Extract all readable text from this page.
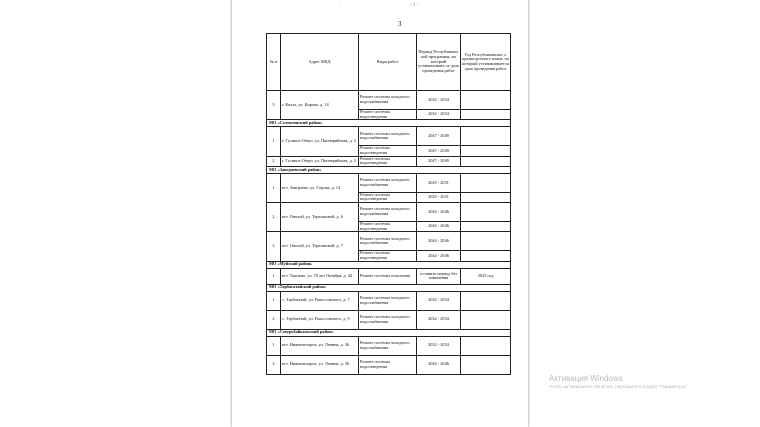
'	- 1 -
3
№ п	Адрес МКД	Виды работ	Период Республиканс кой программы, на который устанавливает ся срок проведения работ	Год Республиканског о краткосрочного плана, на который устанавливается срок проведения работ
3	г. Кяхта, ул. Кирова, д. 14	Ремонт системы холодного водоснабжения	2032 - 2034	
		Ремонт системы водоотведения	2032 - 2034	
МО «Селенгинский район»				
1	г. Гусиное Озеро, ул. Пионерийская, д. 2	Ремонт системы холодного водоснабжения	2047 - 2049	
		Ремонт системы водоотведения	2047 - 2049	
2	г. Гусиное Озеро, ул. Пионерийская, д. 3	Ремонт системы водоотведения	2047 - 2049	
МО «Заиграевский район»				
1	пгт. Заиграево, ул. Серова, д. 14	Ремонт системы холодного водоснабжения	2029 - 2031	
		Ремонт системы водоотведения	2029 - 2031	
2	пгт. Онохой, ул. Терешковой, д. 6	Ремонт системы холодного водоснабжения	2044 - 2046	
		Ремонт системы водоотведения	2044 - 2046	
3	пгт. Онохой, ул. Терешковой, д. 7	Ремонт системы холодного водоснабжения	2044 - 2046	
		Ремонт системы водоотведения	2044 - 2046	
МО «Муйский район»				
1	пгт. Таксимо, ул. 70 лет Октября, д. 44	Ремонт системы отопления	оставить период без изменения	2025 год
МО «Тарбагатайский район»				
1	с. Тарбагатай, ул. Рокоссовского, д. 7	Ремонт системы холодного водоснабжения	2032 - 2034	
2	с. Тарбагатай, ул. Рокоссовского, д. 9	Ремонт системы холодного водоснабжения	2032 - 2034	
МО «Северобайкальский район»				
1	пгт. Нижнеангарск, ул. Ленина, д. 36	Ремонт системы холодного водоснабжения	2032 - 2034	
2	пгт. Нижнеангарск, ул. Ленина, д. 56	Ремонт системы водоотведения	2044 - 2046	
Активация Windows
Чтобы активировать Windows, перейдите в раздел "Параметры".
